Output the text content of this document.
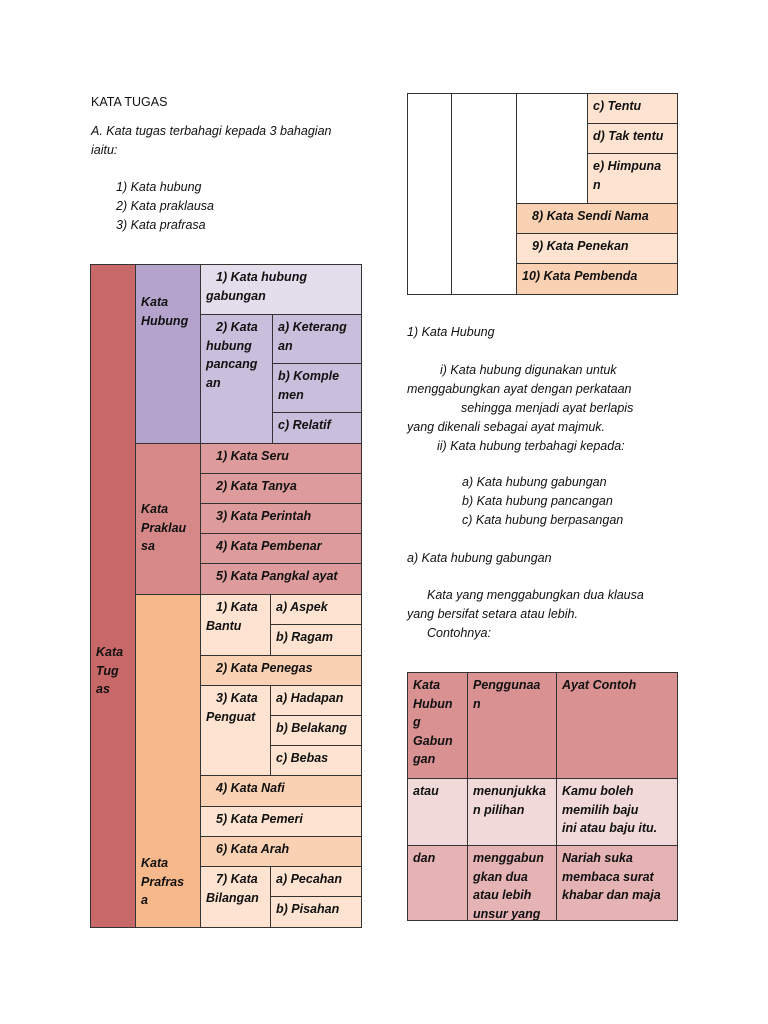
KATA TUGAS
A. Kata tugas terbahagi kepada 3 bahagian
iaitu:
1) Kata hubung
2) Kata praklausa
3) Kata prafrasa
Kata
Tug
as
Kata
Hubung
1) Kata hubung
gabungan
2) Kata
hubung
pancang
an
a) Keterang
an
b) Komple
men
c) Relatif
Kata
Praklau
sa
1) Kata Seru
2) Kata Tanya
3) Kata Perintah
4) Kata Pembenar
5) Kata Pangkal ayat
Kata
Prafras
a
1) Kata
Bantu
a) Aspek
b) Ragam
2) Kata Penegas
3) Kata
Penguat
a) Hadapan
b) Belakang
c) Bebas
4) Kata Nafi
5) Kata Pemeri
6) Kata Arah
7) Kata
Bilangan
a) Pecahan
b) Pisahan
c) Tentu
d) Tak tentu
e) Himpuna
n
8) Kata Sendi Nama
9) Kata Penekan
10) Kata Pembenda
1) Kata Hubung
i) Kata hubung digunakan untuk
menggabungkan ayat dengan perkataan
sehingga menjadi ayat berlapis
yang dikenali sebagai ayat majmuk.
ii) Kata hubung terbahagi kepada:
a) Kata hubung gabungan
b) Kata hubung pancangan
c) Kata hubung berpasangan
a) Kata hubung gabungan
Kata yang menggabungkan dua klausa
yang bersifat setara atau lebih.
Contohnya:
Kata
Hubun
g
Gabun
gan
Penggunaa
n
Ayat Contoh
atau	menunjukka
n pilihan
Kamu boleh
memilih baju
ini atau baju itu.
dan	menggabun
gkan dua
atau lebih
unsur yang
Nariah suka
membaca surat
khabar dan maja
